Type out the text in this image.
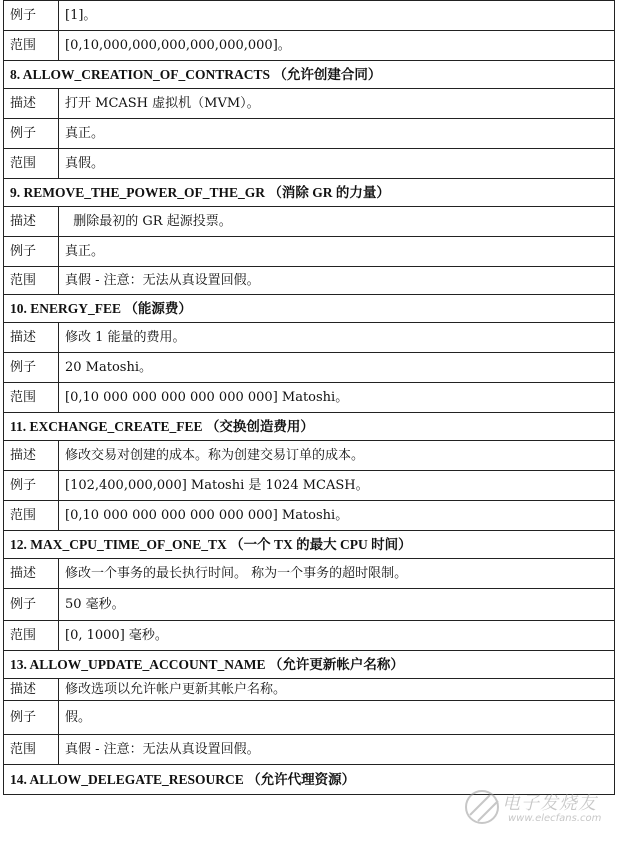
例子	[1]。
范围	[0,10,000,000,000,000,000,000]。
8. ALLOW_CREATION_OF_CONTRACTS （允许创建合同）	
描述	打开 MCASH 虚拟机（MVM）。
例子	真正。
范围	真假。
9. REMOVE_THE_POWER_OF_THE_GR （消除 GR 的力量）	
描述	删除最初的 GR 起源投票。
例子	真正。
范围	真假 - 注意：无法从真设置回假。
10. ENERGY_FEE （能源费）	
描述	修改 1 能量的费用。
例子	20 Matoshi。
范围	[0,10 000 000 000 000 000 000] Matoshi。
11. EXCHANGE_CREATE_FEE （交换创造费用）	
描述	修改交易对创建的成本。称为创建交易订单的成本。
例子	[102,400,000,000] Matoshi 是 1024 MCASH。
范围	[0,10 000 000 000 000 000 000] Matoshi。
12. MAX_CPU_TIME_OF_ONE_TX （一个 TX 的最大 CPU 时间）	
描述	修改一个事务的最长执行时间。 称为一个事务的超时限制。
例子	50 毫秒。
范围	[0, 1000] 毫秒。
13. ALLOW_UPDATE_ACCOUNT_NAME （允许更新帐户名称）	
描述	修改选项以允许帐户更新其帐户名称。
例子	假。
范围	真假 - 注意：无法从真设置回假。
14. ALLOW_DELEGATE_RESOURCE （允许代理资源）	
电子发烧友
www.elecfans.com
